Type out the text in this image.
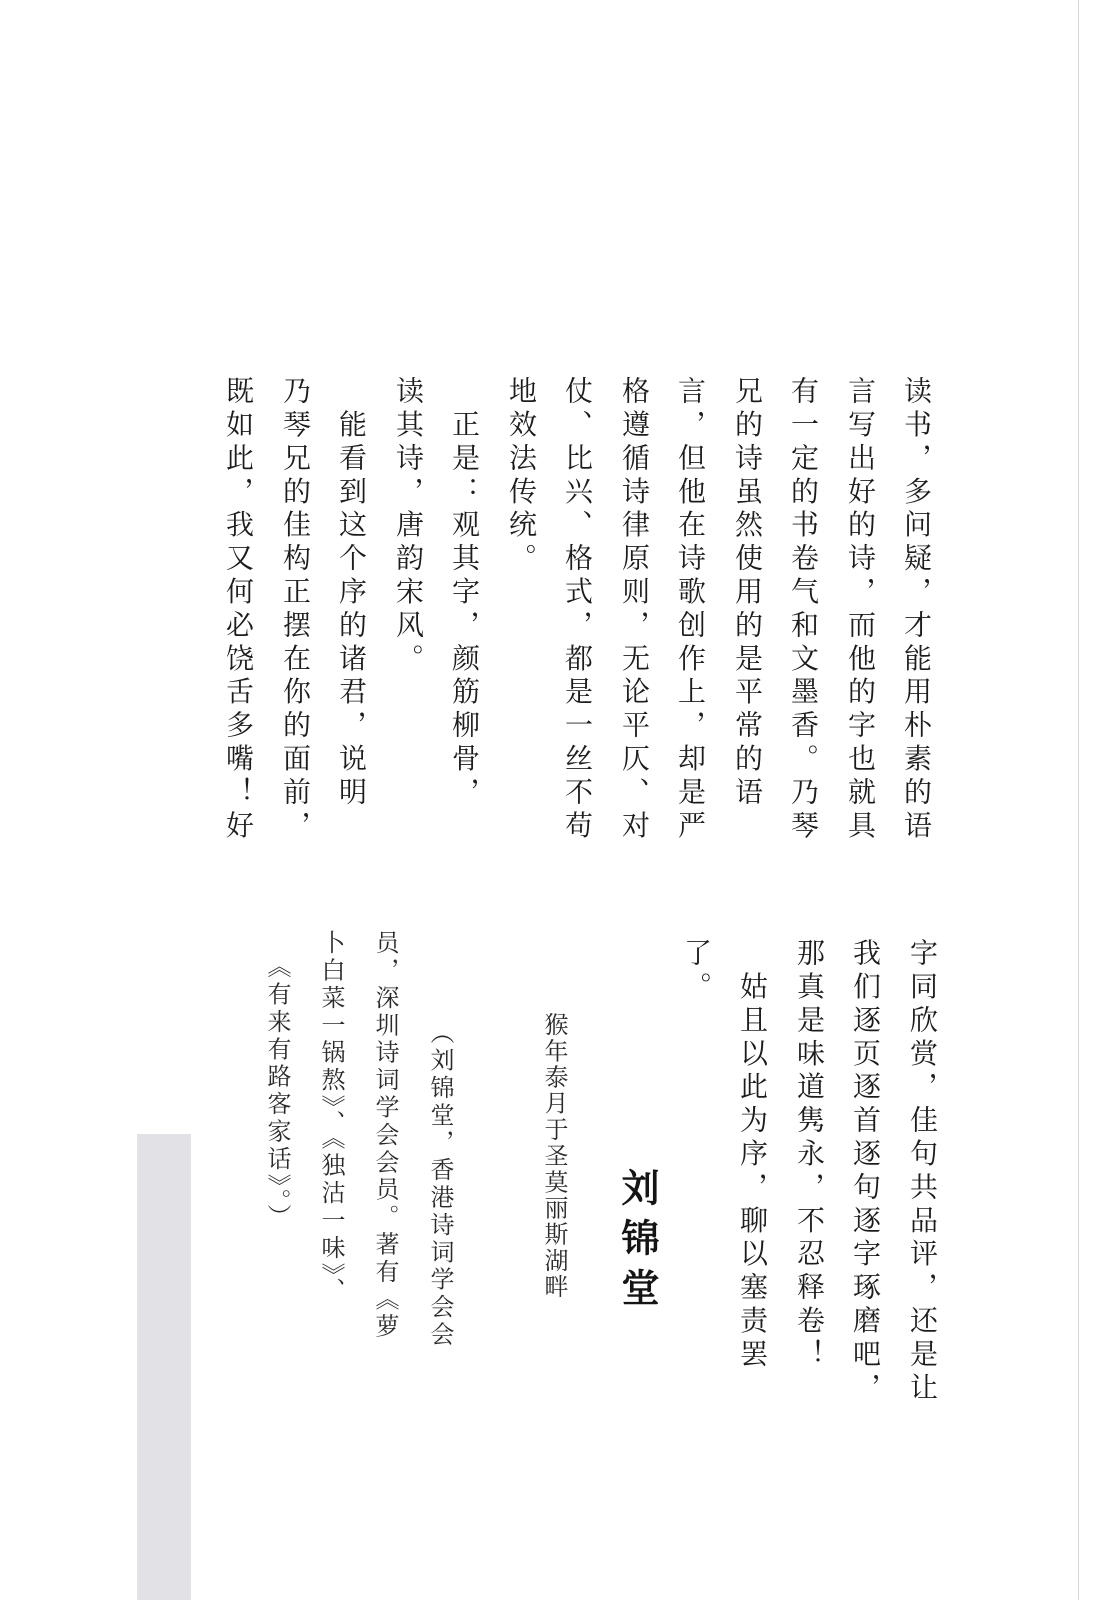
读书，多问疑，才能用朴素的语
言写出好的诗，而他的字也就具
有一定的书卷气和文墨香。乃琴
兄的诗虽然使用的是平常的语
言，但他在诗歌创作上，却是严
格遵循诗律原则，无论平仄、对
仗、比兴、格式，都是一丝不苟
地效法传统。
　正是：观其字，颜筋柳骨，
读其诗，唐韵宋风。
　能看到这个序的诸君，说明
乃琴兄的佳构正摆在你的面前，
既如此，我又何必饶舌多嘴！好
字同欣赏，佳句共品评，还是让
我们逐页逐首逐句逐字琢磨吧，
那真是味道隽永，不忍释卷！
　姑且以此为序，聊以塞责罢
了。
刘锦堂
猴年泰月于圣莫丽斯湖畔
（刘锦堂，香港诗词学会会
员，深圳诗词学会会员。著有《萝
卜白菜一锅熬》、《独沽一味》、
《有来有路客家话》。）
